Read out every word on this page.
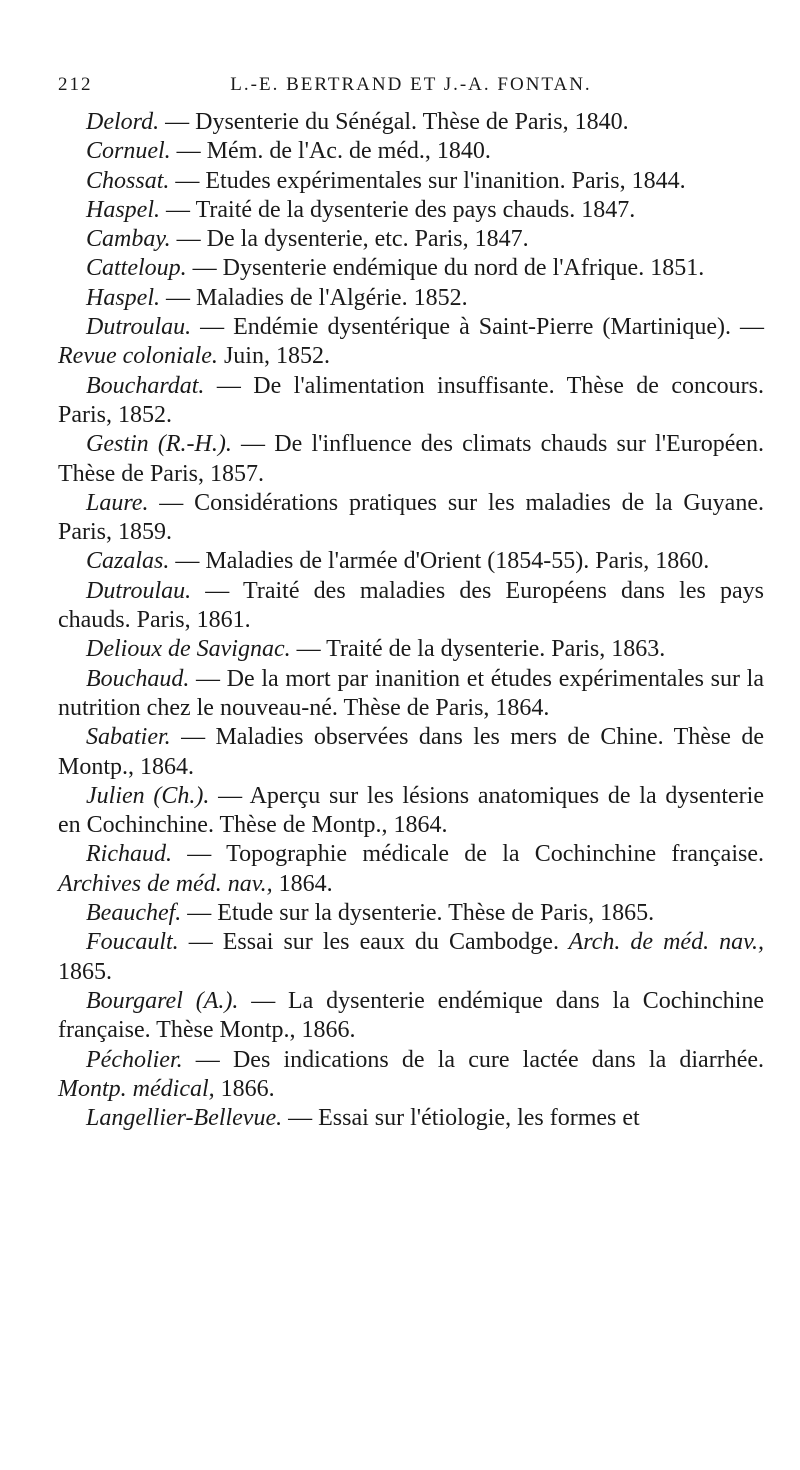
212	L.-E. BERTRAND ET J.-A. FONTAN.

Delord. — Dysenterie du Sénégal. Thèse de Paris, 1840.

Cornuel. — Mém. de l'Ac. de méd., 1840.

Chossat. — Etudes expérimentales sur l'inanition. Paris, 1844.

Haspel. — Traité de la dysenterie des pays chauds. 1847.

Cambay. — De la dysenterie, etc. Paris, 1847.

Catteloup. — Dysenterie endémique du nord de l'Afrique. 1851.

Haspel. — Maladies de l'Algérie. 1852.

Dutroulau. — Endémie dysentérique à Saint-Pierre (Martinique). —Revue coloniale. Juin, 1852.

Bouchardat. — De l'alimentation insuffisante. Thèse de concours. Paris, 1852.

Gestin (R.-H.). — De l'influence des climats chauds sur l'Européen. Thèse de Paris, 1857.

Laure. — Considérations pratiques sur les maladies de la Guyane. Paris, 1859.

Cazalas. — Maladies de l'armée d'Orient (1854-55). Paris, 1860.

Dutroulau. — Traité des maladies des Européens dans les pays chauds. Paris, 1861.

Delioux de Savignac. — Traité de la dysenterie. Paris, 1863.

Bouchaud. — De la mort par inanition et études expérimentales sur la nutrition chez le nouveau-né. Thèse de Paris, 1864.

Sabatier. — Maladies observées dans les mers de Chine. Thèse de Montp., 1864.

Julien (Ch.). — Aperçu sur les lésions anatomiques de la dysenterie en Cochinchine. Thèse de Montp., 1864.

Richaud. — Topographie médicale de la Cochinchine française. Archives de méd. nav., 1864.

Beauchef. — Etude sur la dysenterie. Thèse de Paris, 1865.

Foucault. — Essai sur les eaux du Cambodge. Arch. de méd. nav., 1865.

Bourgarel (A.). — La dysenterie endémique dans la Cochinchine française. Thèse Montp., 1866.

Pécholier. — Des indications de la cure lactée dans la diarrhée. Montp. médical, 1866.

Langellier-Bellevue. — Essai sur l'étiologie, les formes et
